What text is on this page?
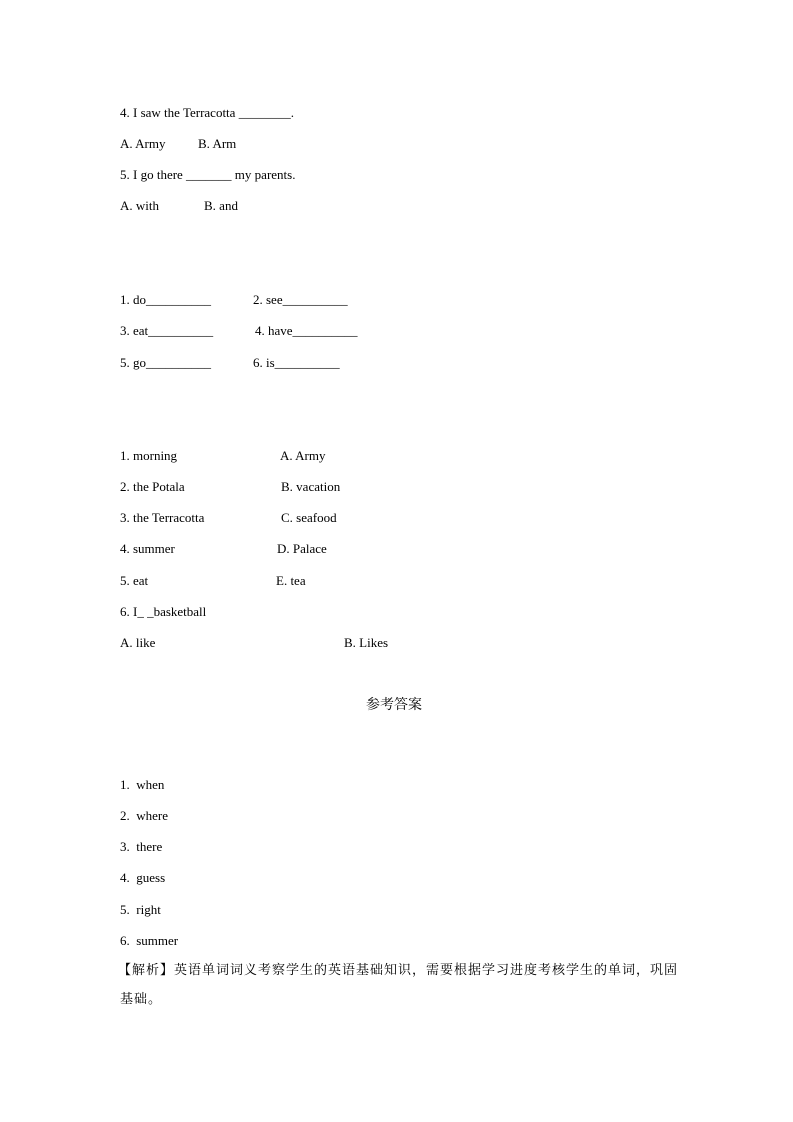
4. I saw the Terracotta ________.
A. Army	B. Arm
5. I go there _______ my parents.
A. with	B. and
1. do__________	2. see__________
3. eat__________	4. have__________
5. go__________	6. is__________
1. morning	A. Army
2. the Potala	B. vacation
3. the Terracotta	C. seafood
4. summer	D. Palace
5. eat	E. tea
6. I_ _basketball
A. like	B. Likes
参考答案
1.  when
2.  where
3.  there
4.  guess
5.  right
6.  summer
【解析】英语单词词义考察学生的英语基础知识，需要根据学习进度考核学生的单词，巩固
基础。
